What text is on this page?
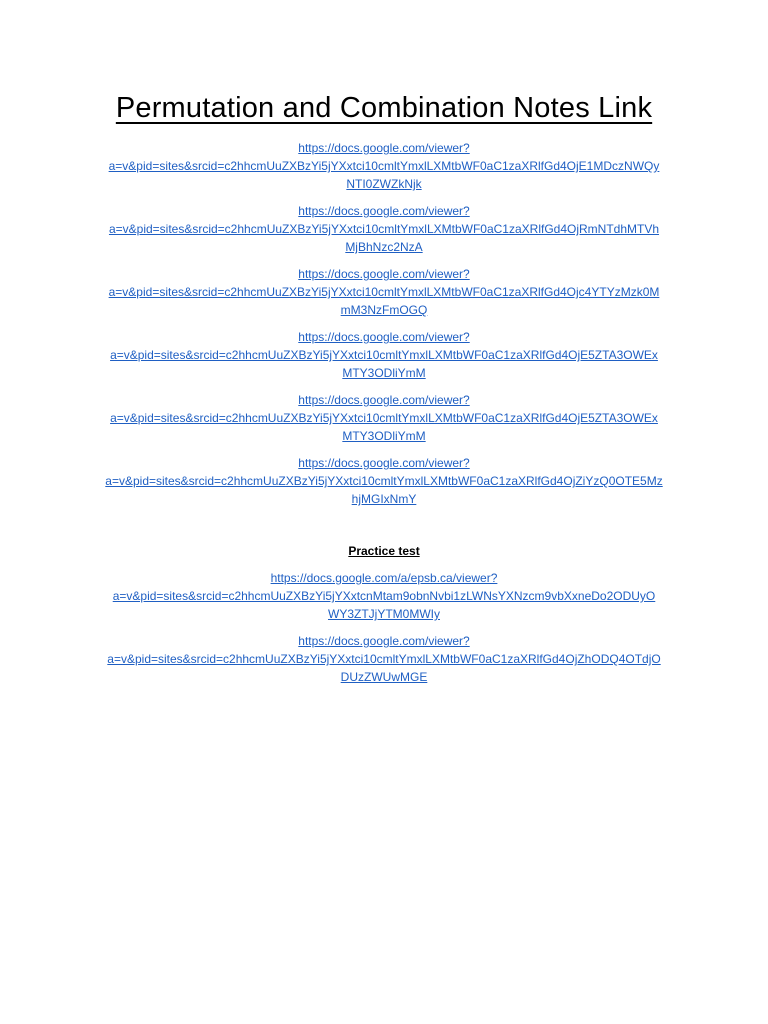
Permutation and Combination Notes Link
https://docs.google.com/viewer?
a=v&pid=sites&srcid=c2hhcmUuZXBzYi5jYXxtci10cmltYmxlLXMtbWF0aC1zaXRlfGd4OjE1MDczNWQy
NTI0ZWZkNjk
https://docs.google.com/viewer?
a=v&pid=sites&srcid=c2hhcmUuZXBzYi5jYXxtci10cmltYmxlLXMtbWF0aC1zaXRlfGd4OjRmNTdhMTVh
MjBhNzc2NzA
https://docs.google.com/viewer?
a=v&pid=sites&srcid=c2hhcmUuZXBzYi5jYXxtci10cmltYmxlLXMtbWF0aC1zaXRlfGd4Ojc4YTYzMzk0M
mM3NzFmOGQ
https://docs.google.com/viewer?
a=v&pid=sites&srcid=c2hhcmUuZXBzYi5jYXxtci10cmltYmxlLXMtbWF0aC1zaXRlfGd4OjE5ZTA3OWEx
MTY3ODliYmM
https://docs.google.com/viewer?
a=v&pid=sites&srcid=c2hhcmUuZXBzYi5jYXxtci10cmltYmxlLXMtbWF0aC1zaXRlfGd4OjE5ZTA3OWEx
MTY3ODliYmM
https://docs.google.com/viewer?
a=v&pid=sites&srcid=c2hhcmUuZXBzYi5jYXxtci10cmltYmxlLXMtbWF0aC1zaXRlfGd4OjZiYzQ0OTE5Mz
hjMGIxNmY
Practice test
https://docs.google.com/a/epsb.ca/viewer?
a=v&pid=sites&srcid=c2hhcmUuZXBzYi5jYXxtcnMtam9obnNvbi1zLWNsYXNzcm9vbXxneDo2ODUyO
WY3ZTJjYTM0MWIy
https://docs.google.com/viewer?
a=v&pid=sites&srcid=c2hhcmUuZXBzYi5jYXxtci10cmltYmxlLXMtbWF0aC1zaXRlfGd4OjZhODQ4OTdjO
DUzZWUwMGE
